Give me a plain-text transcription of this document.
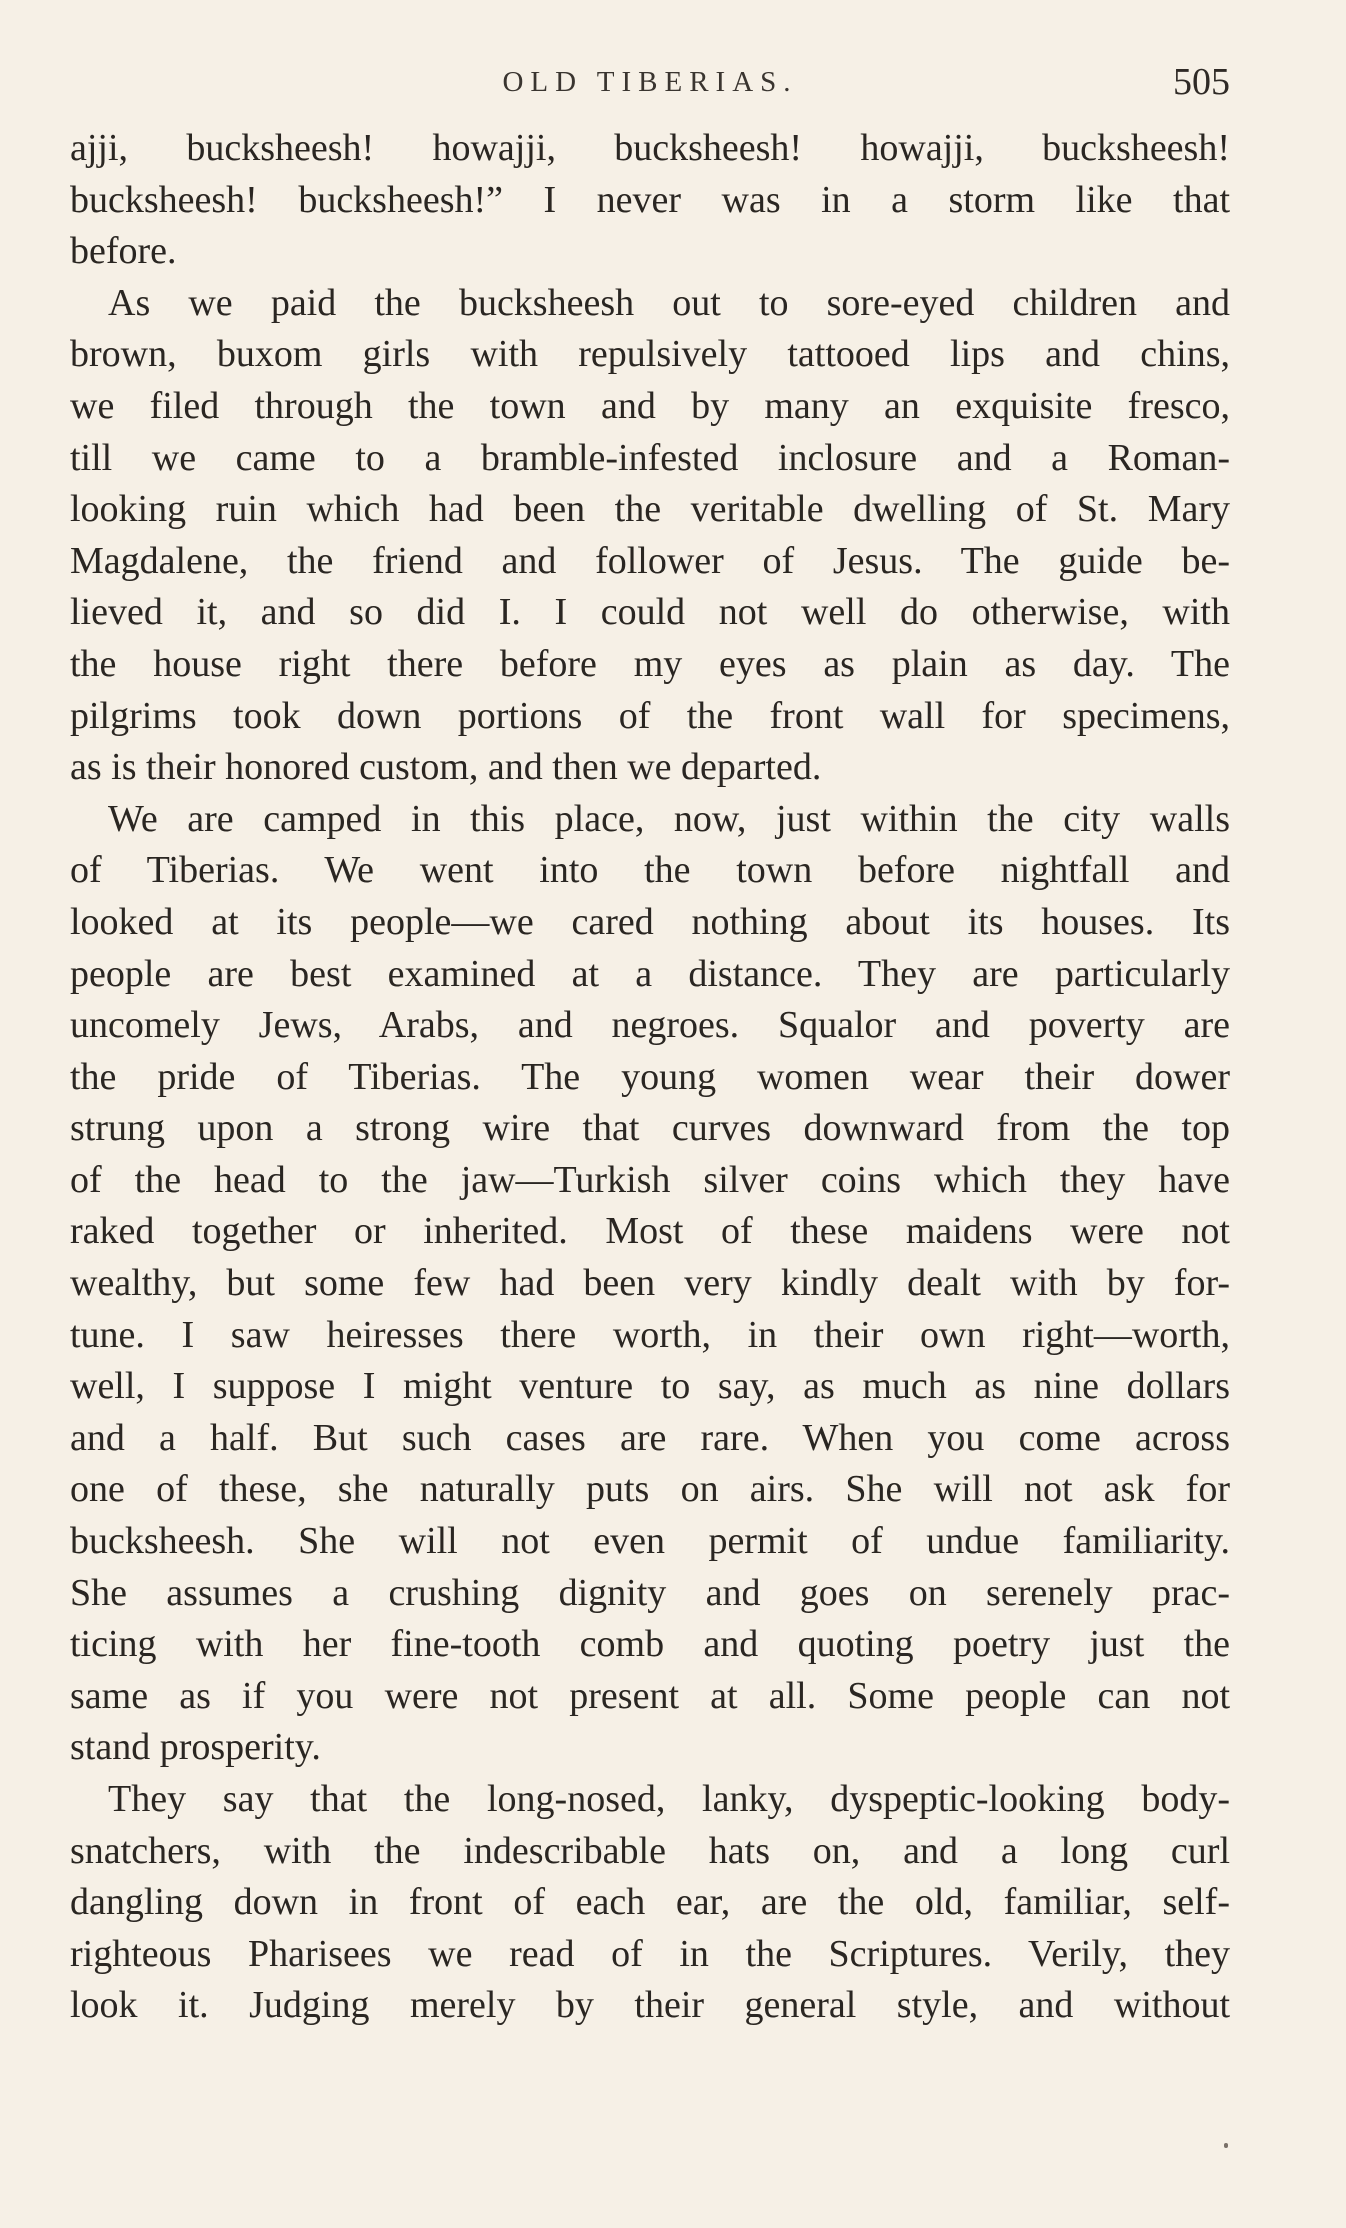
OLD TIBERIAS.	505
ajji, bucksheesh! howajji, bucksheesh! howajji, bucksheesh!
bucksheesh! bucksheesh!” I never was in a storm like that
before.
As we paid the bucksheesh out to sore-eyed children and
brown, buxom girls with repulsively tattooed lips and chins,
we filed through the town and by many an exquisite fresco,
till we came to a bramble-infested inclosure and a Roman-
looking ruin which had been the veritable dwelling of St. Mary
Magdalene, the friend and follower of Jesus. The guide be-
lieved it, and so did I. I could not well do otherwise, with
the house right there before my eyes as plain as day. The
pilgrims took down portions of the front wall for specimens,
as is their honored custom, and then we departed.
We are camped in this place, now, just within the city walls
of Tiberias. We went into the town before nightfall and
looked at its people—we cared nothing about its houses. Its
people are best examined at a distance. They are particularly
uncomely Jews, Arabs, and negroes. Squalor and poverty are
the pride of Tiberias. The young women wear their dower
strung upon a strong wire that curves downward from the top
of the head to the jaw—Turkish silver coins which they have
raked together or inherited. Most of these maidens were not
wealthy, but some few had been very kindly dealt with by for-
tune. I saw heiresses there worth, in their own right—worth,
well, I suppose I might venture to say, as much as nine dollars
and a half. But such cases are rare. When you come across
one of these, she naturally puts on airs. She will not ask for
bucksheesh. She will not even permit of undue familiarity.
She assumes a crushing dignity and goes on serenely prac-
ticing with her fine-tooth comb and quoting poetry just the
same as if you were not present at all. Some people can not
stand prosperity.
They say that the long-nosed, lanky, dyspeptic-looking body-
snatchers, with the indescribable hats on, and a long curl
dangling down in front of each ear, are the old, familiar, self-
righteous Pharisees we read of in the Scriptures. Verily, they
look it. Judging merely by their general style, and without
